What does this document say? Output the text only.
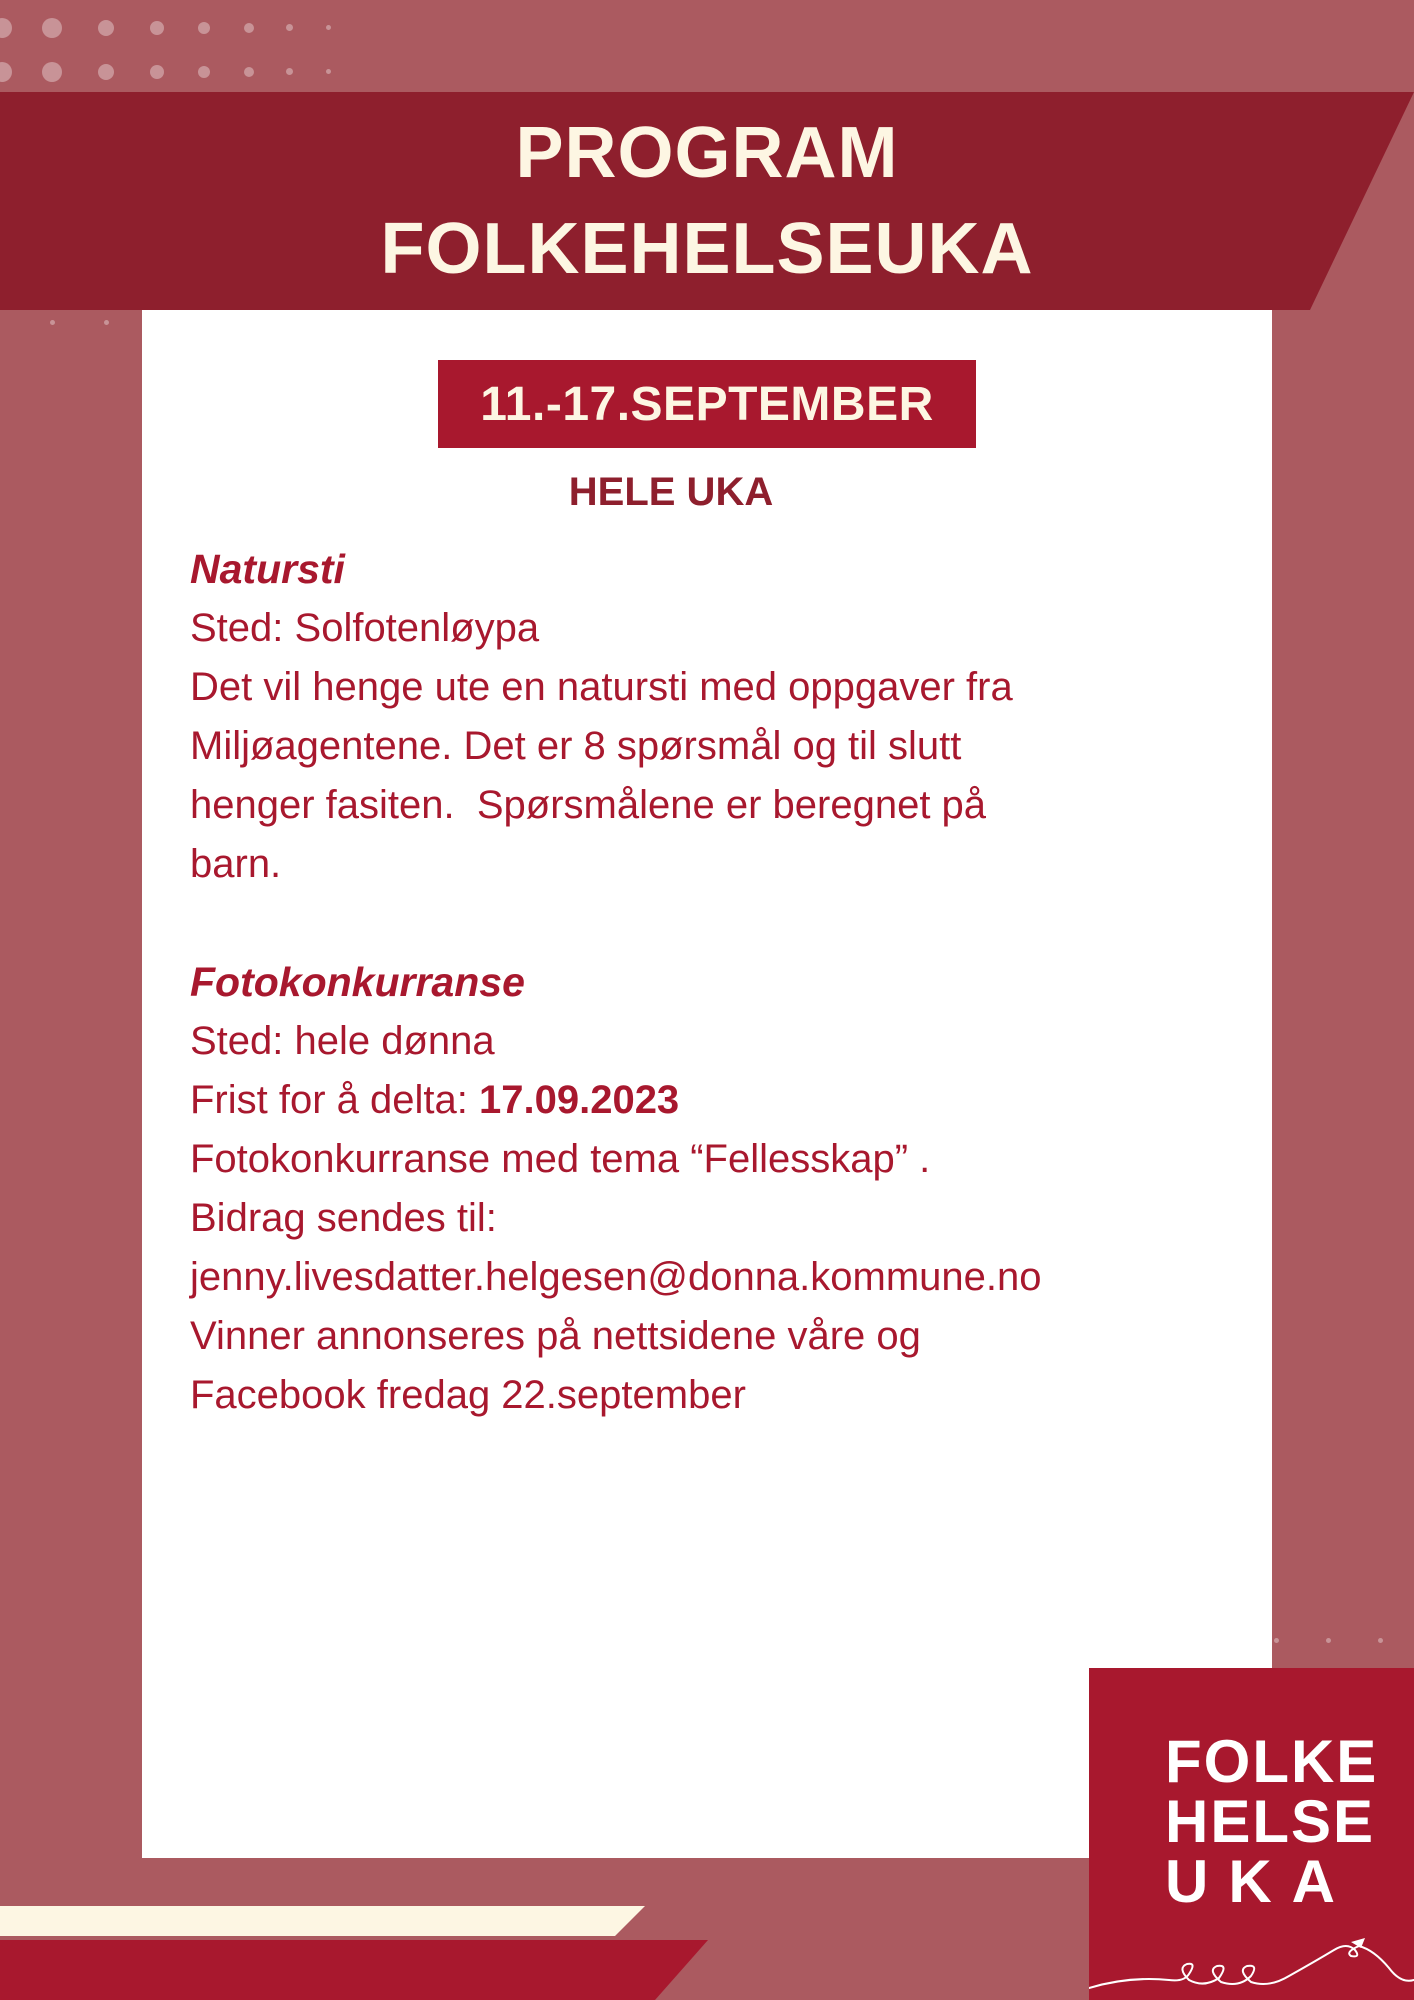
PROGRAM
FOLKEHELSEUKA
11.-17.SEPTEMBER
HELE UKA

Natursti

Sted: Solfotenløypa

Det vil henge ute en natursti med oppgaver fra

Miljøagentene. Det er 8 spørsmål og til slutt

henger fasiten.  Spørsmålene er beregnet på

barn.

Fotokonkurranse

Sted: hele dønna

Frist for å delta: 17.09.2023

Fotokonkurranse med tema “Fellesskap” .

Bidrag sendes til:

jenny.livesdatter.helgesen@donna.kommune.no

Vinner annonseres på nettsidene våre og

Facebook fredag 22.september

FOLKE
HELSE
UKA
